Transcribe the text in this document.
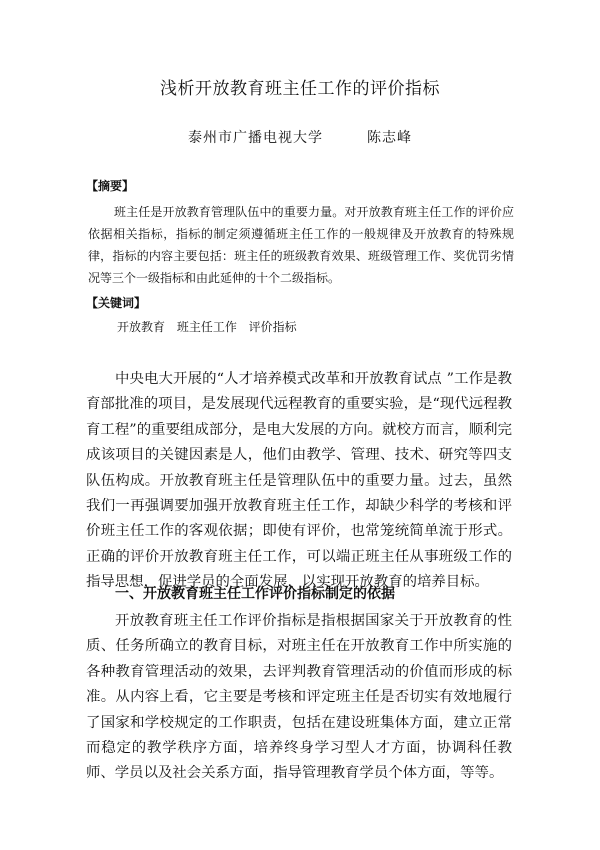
浅析开放教育班主任工作的评价指标
泰州市广播电视大学	陈志峰
【摘要】

班主任是开放教育管理队伍中的重要力量。对开放教育班主任工作的评价应依据相关指标，指标的制定须遵循班主任工作的一般规律及开放教育的特殊规律，指标的内容主要包括：班主任的班级教育效果、班级管理工作、奖优罚劣情况等三个一级指标和由此延伸的十个二级指标。

【关键词】

开放教育 班主任工作 评价指标

中央电大开展的“人才培养模式改革和开放教育试点 ”工作是教育部批准的项目，是发展现代远程教育的重要实验，是“现代远程教育工程”的重要组成部分，是电大发展的方向。就校方而言，顺利完成该项目的关键因素是人，他们由教学、管理、技术、研究等四支队伍构成。开放教育班主任是管理队伍中的重要力量。过去，虽然我们一再强调要加强开放教育班主任工作，却缺少科学的考核和评价班主任工作的客观依据；即使有评价，也常笼统简单流于形式。正确的评价开放教育班主任工作，可以端正班主任从事班级工作的指导思想，促进学员的全面发展，以实现开放教育的培养目标。

一、开放教育班主任工作评价指标制定的依据

开放教育班主任工作评价指标是指根据国家关于开放教育的性质、任务所确立的教育目标，对班主任在开放教育工作中所实施的各种教育管理活动的效果，去评判教育管理活动的价值而形成的标准。从内容上看，它主要是考核和评定班主任是否切实有效地履行了国家和学校规定的工作职责，包括在建设班集体方面，建立正常而稳定的教学秩序方面，培养终身学习型人才方面，协调科任教师、学员以及社会关系方面，指导管理教育学员个体方面，等等。
